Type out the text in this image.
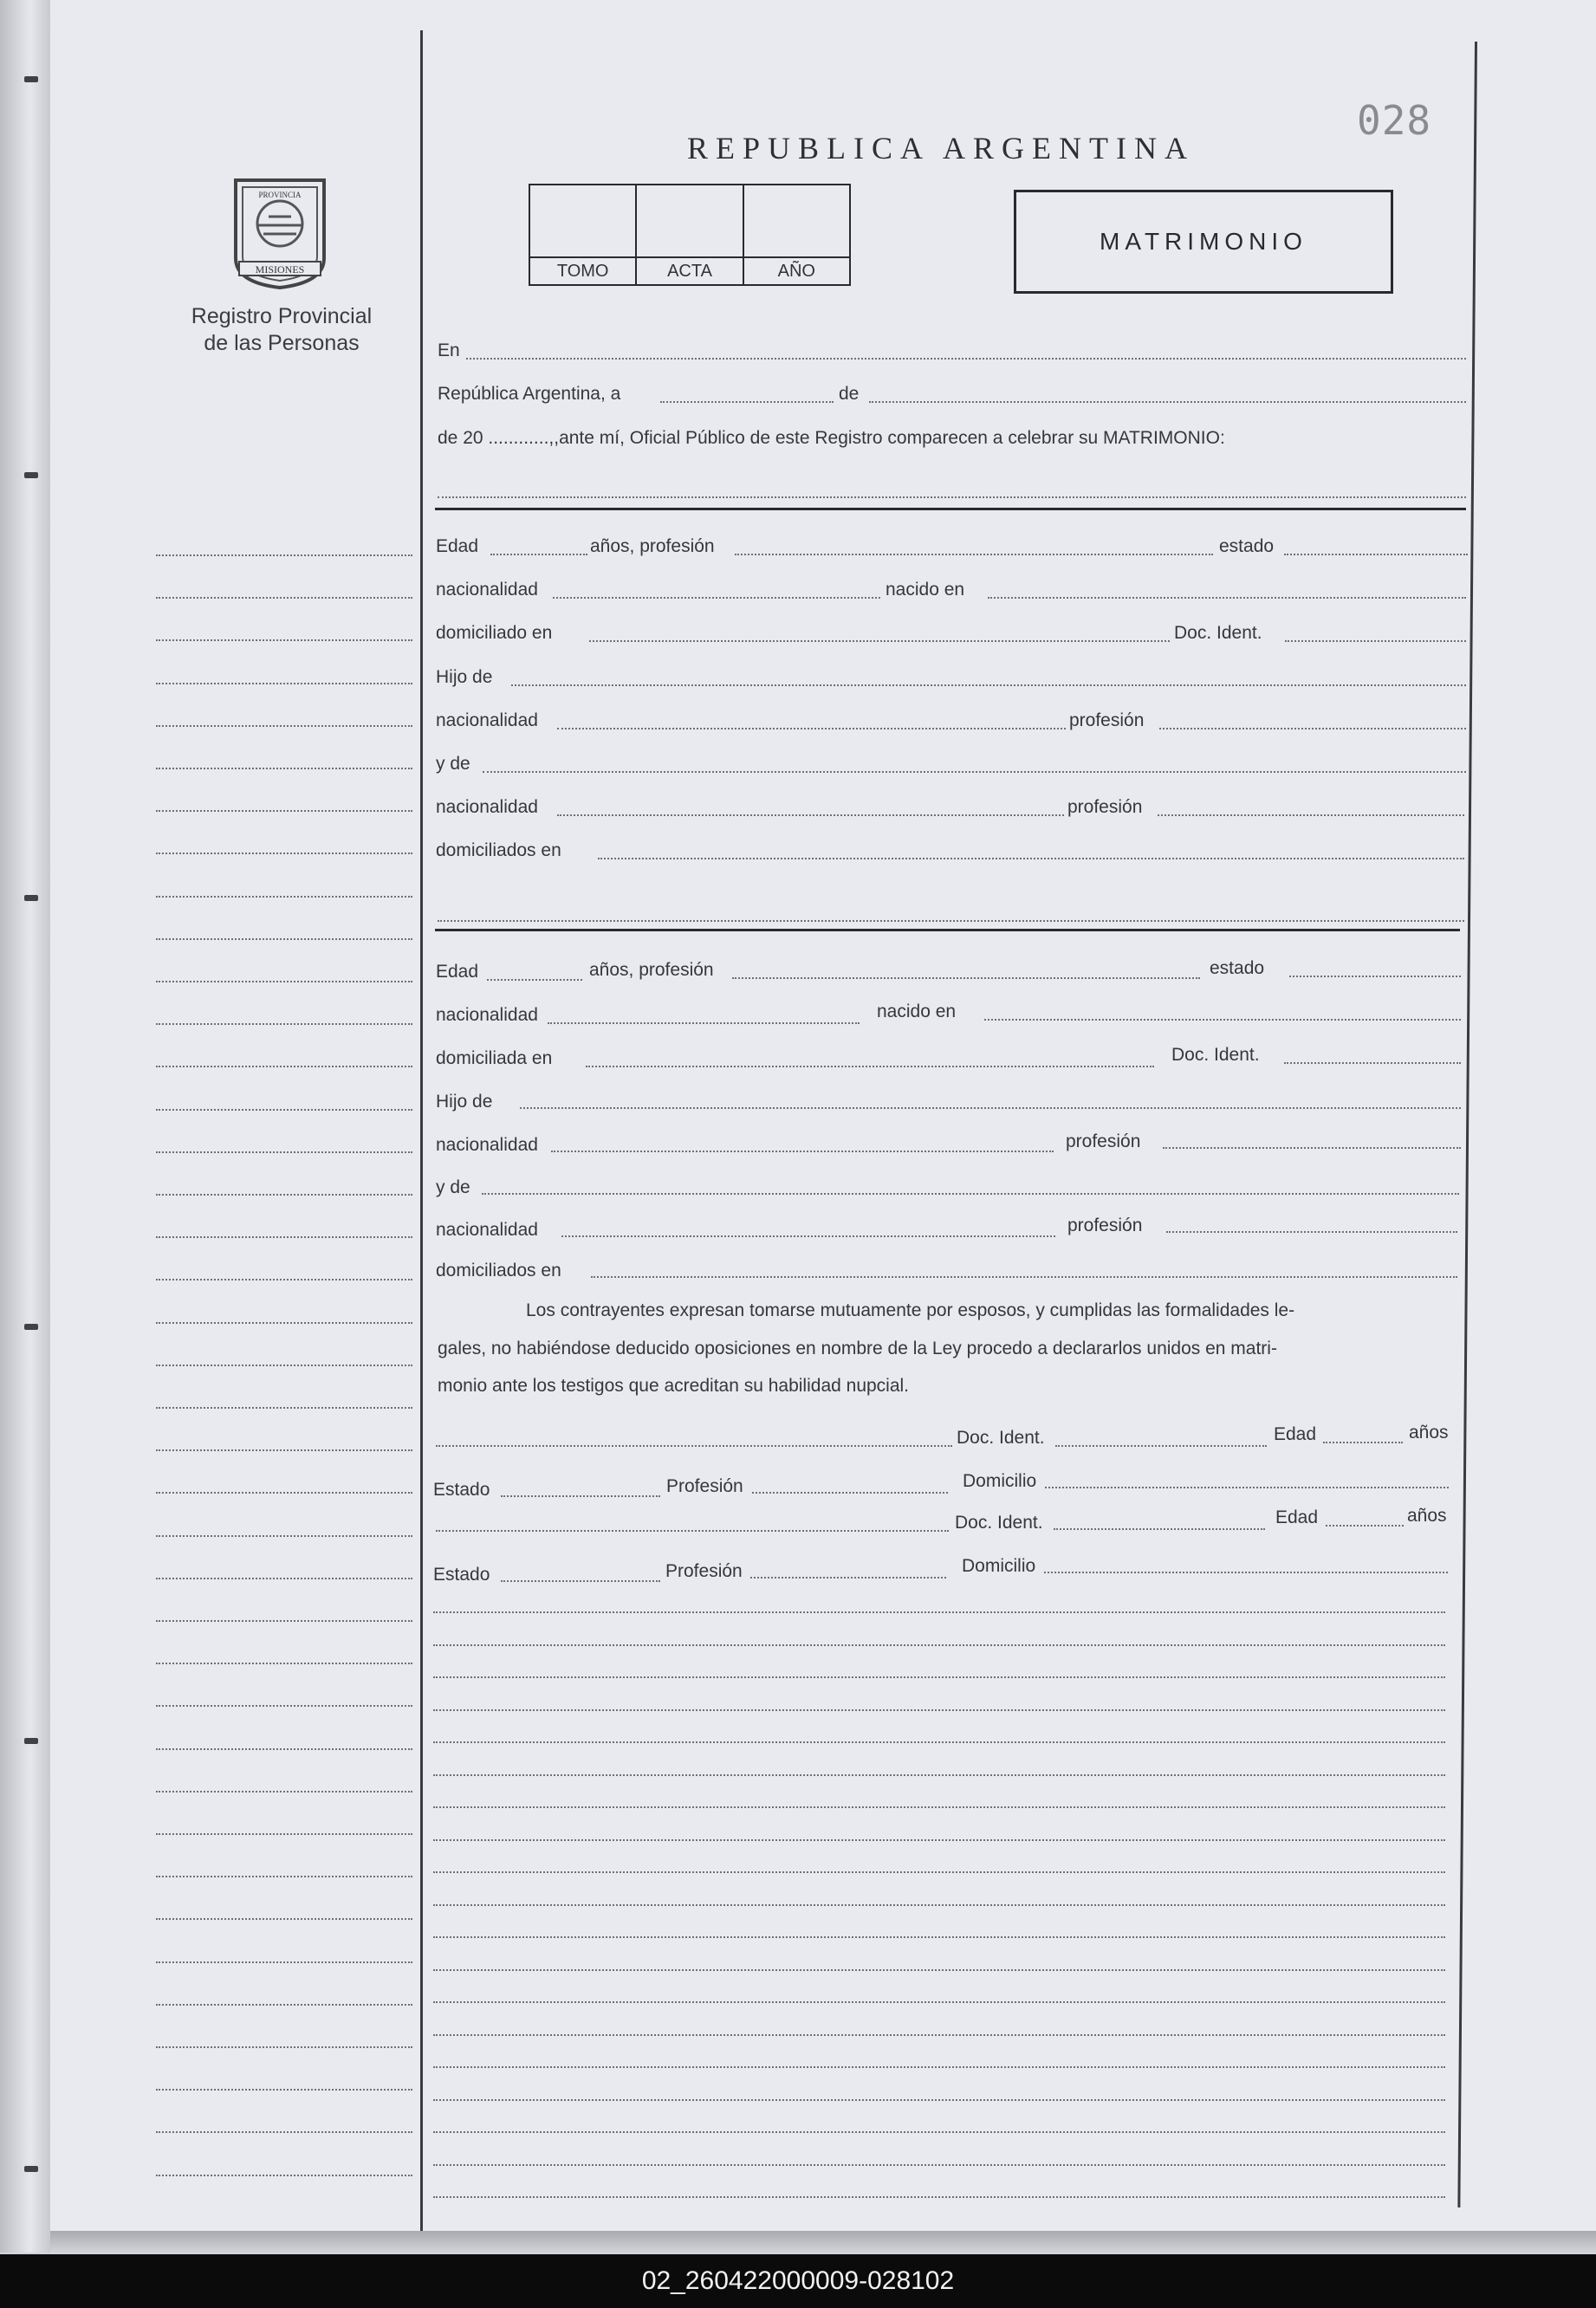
028
REPUBLICA ARGENTINA
TOMO	ACTA	AÑO
MATRIMONIO
MISIONES
PROVINCIA
Registro Provincial
de las Personas	En
República Argentina, a	de
de 20 ............,,ante mí, Oficial Público de este Registro comparecen a celebrar su MATRIMONIO:
Edad	años, profesión	estado
nacionalidad	nacido en
domiciliado en	Doc. Ident.
Hijo de
nacionalidad	profesión
y de
nacionalidad	profesión
domiciliados en
Edad	años, profesión	estado
nacionalidad	nacido en
domiciliada en	Doc. Ident.
Hijo de
nacionalidad	profesión
y de
nacionalidad	profesión
domiciliados en
Los contrayentes expresan tomarse mutuamente por esposos, y cumplidas las formalidades le-
gales, no habiéndose deducido oposiciones en nombre de la Ley procedo a declararlos unidos en matri-
monio ante los testigos que acreditan su habilidad nupcial.
Doc. Ident.	Edad	años
Estado	Profesión	Domicilio
Doc. Ident.	Edad	años
Estado	Profesión	Domicilio
02_260422000009-028102
